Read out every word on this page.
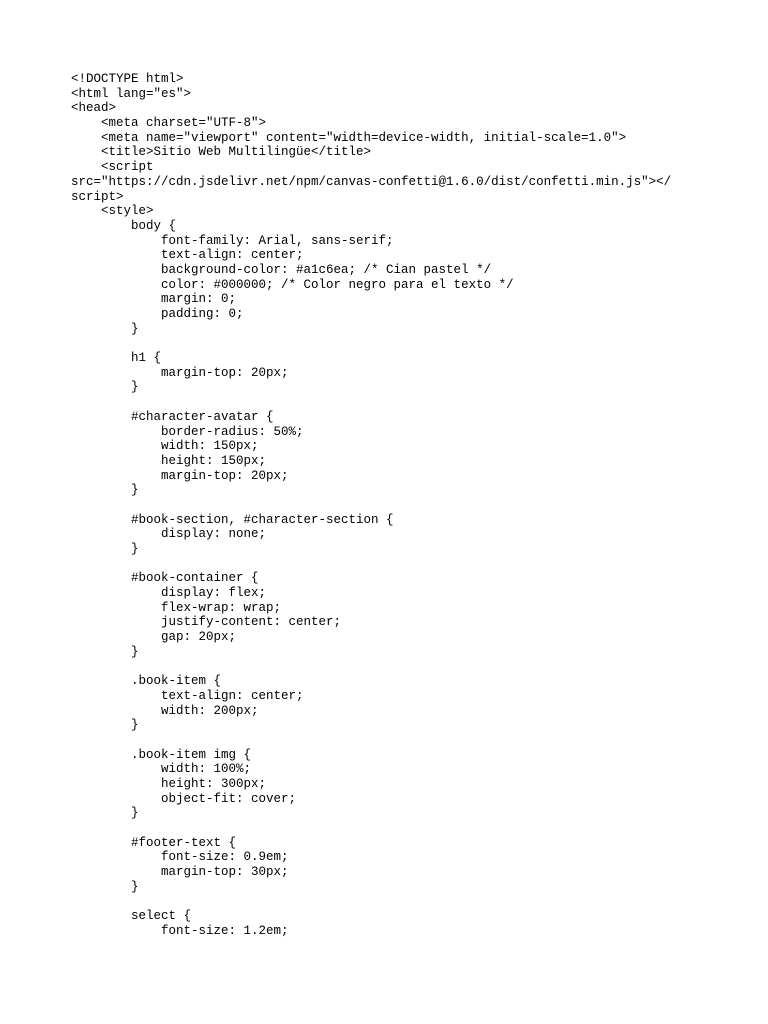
<!DOCTYPE html>
<html lang="es">
<head>
<meta charset="UTF-8">
<meta name="viewport" content="width=device-width, initial-scale=1.0">
<title>Sitio Web Multilingüe</title>
<script
src="https://cdn.jsdelivr.net/npm/canvas-confetti@1.6.0/dist/confetti.min.js"></
script>
<style>
body {
font-family: Arial, sans-serif;
text-align: center;
background-color: #a1c6ea; /* Cian pastel */
color: #000000; /* Color negro para el texto */
margin: 0;
padding: 0;
}
h1 {
margin-top: 20px;
}
#character-avatar {
border-radius: 50%;
width: 150px;
height: 150px;
margin-top: 20px;
}
#book-section, #character-section {
display: none;
}
#book-container {
display: flex;
flex-wrap: wrap;
justify-content: center;
gap: 20px;
}
.book-item {
text-align: center;
width: 200px;
}
.book-item img {
width: 100%;
height: 300px;
object-fit: cover;
}
#footer-text {
font-size: 0.9em;
margin-top: 30px;
}
select {
font-size: 1.2em;
